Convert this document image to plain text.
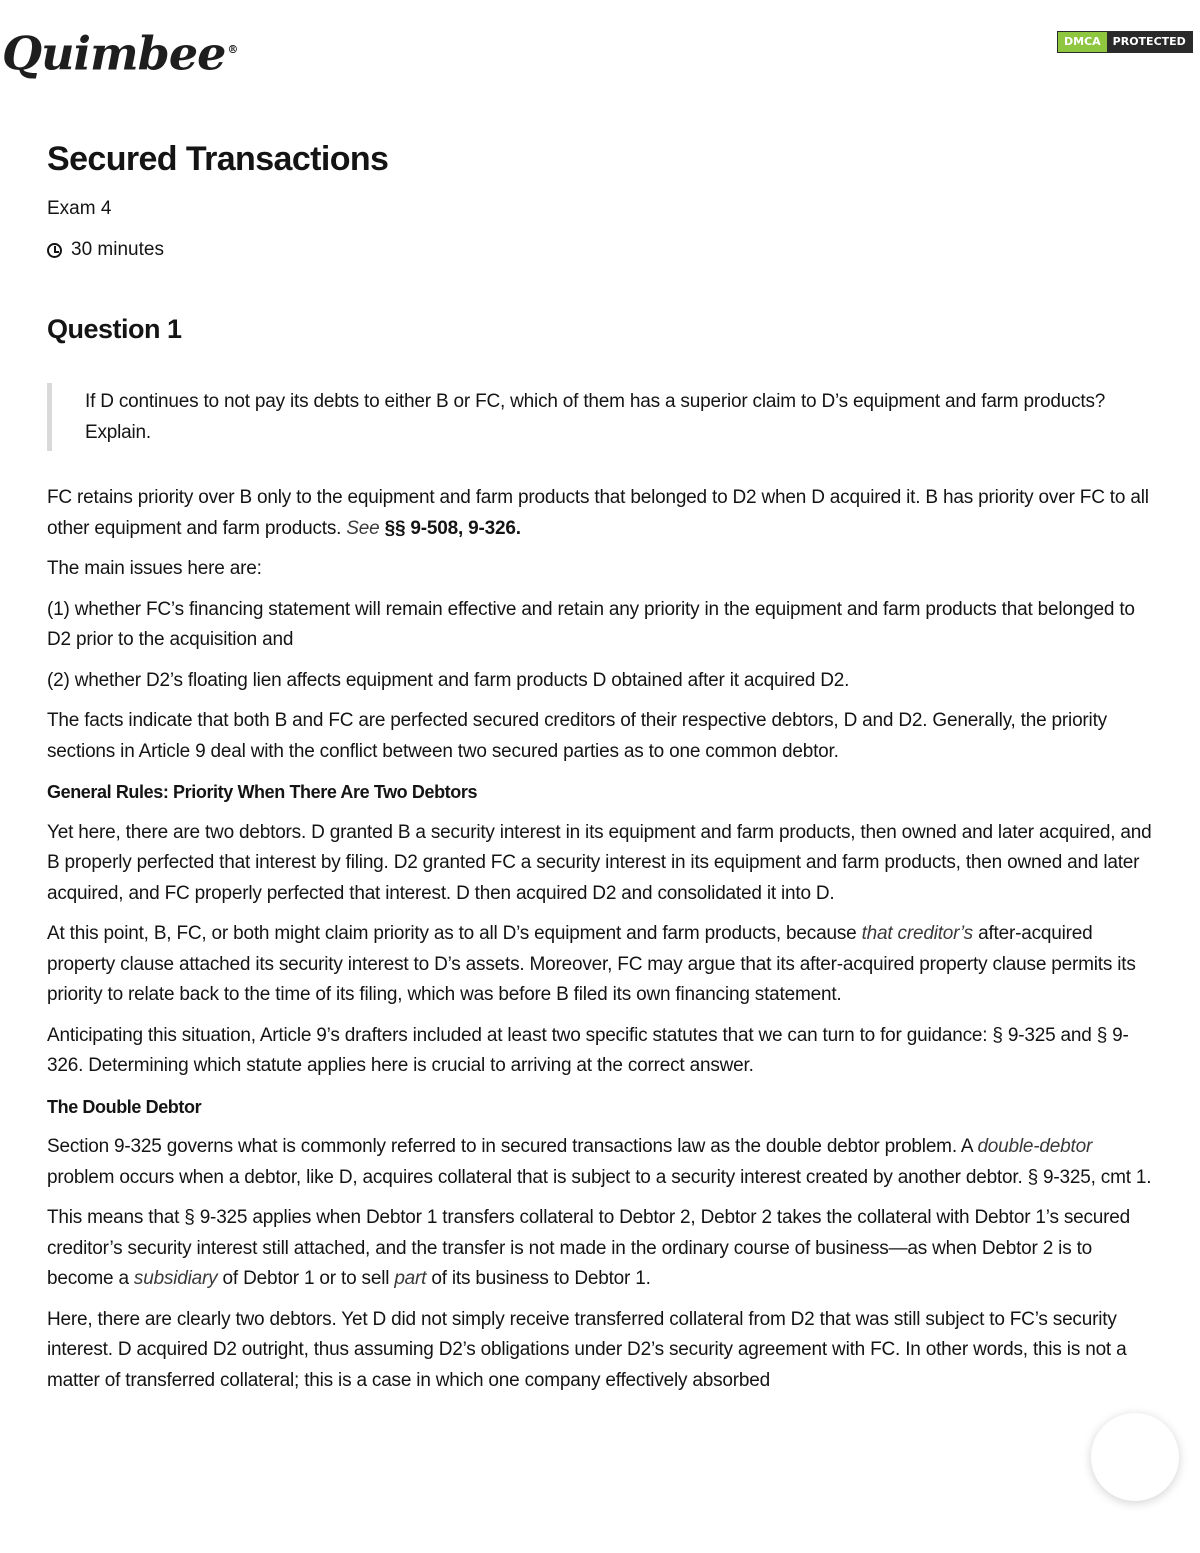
Quimbee ®
DMCA	PROTECTED
Secured Transactions
Exam 4
30 minutes
Question 1
If D continues to not pay its debts to either B or FC, which of them has a superior claim to D’s equipment and farm products? Explain.

FC retains priority over B only to the equipment and farm products that belonged to D2 when D acquired it. B has priority over FC to all other equipment and farm products. See §§ 9-508, 9-326.

The main issues here are:

(1) whether FC’s financing statement will remain effective and retain any priority in the equipment and farm products that belonged to D2 prior to the acquisition and

(2) whether D2’s floating lien affects equipment and farm products D obtained after it acquired D2.

The facts indicate that both B and FC are perfected secured creditors of their respective debtors, D and D2. Generally, the priority sections in Article 9 deal with the conflict between two secured parties as to one common debtor.

General Rules: Priority When There Are Two Debtors

Yet here, there are two debtors. D granted B a security interest in its equipment and farm products, then owned and later acquired, and B properly perfected that interest by filing. D2 granted FC a security interest in its equipment and farm products, then owned and later acquired, and FC properly perfected that interest. D then acquired D2 and consolidated it into D.

At this point, B, FC, or both might claim priority as to all D’s equipment and farm products, because that creditor’s after-acquired property clause attached its security interest to D’s assets. Moreover, FC may argue that its after-acquired property clause permits its priority to relate back to the time of its filing, which was before B filed its own financing statement.

Anticipating this situation, Article 9’s drafters included at least two specific statutes that we can turn to for guidance: § 9-325 and § 9-326. Determining which statute applies here is crucial to arriving at the correct answer.

The Double Debtor

Section 9-325 governs what is commonly referred to in secured transactions law as the double debtor problem. A double-debtor problem occurs when a debtor, like D, acquires collateral that is subject to a security interest created by another debtor. § 9-325, cmt 1.

This means that § 9-325 applies when Debtor 1 transfers collateral to Debtor 2, Debtor 2 takes the collateral with Debtor 1’s secured creditor’s security interest still attached, and the transfer is not made in the ordinary course of business—as when Debtor 2 is to become a subsidiary of Debtor 1 or to sell part of its business to Debtor 1.

Here, there are clearly two debtors. Yet D did not simply receive transferred collateral from D2 that was still subject to FC’s security interest. D acquired D2 outright, thus assuming D2’s obligations under D2’s security agreement with FC. In other words, this is not a matter of transferred collateral; this is a case in which one company effectively absorbed
